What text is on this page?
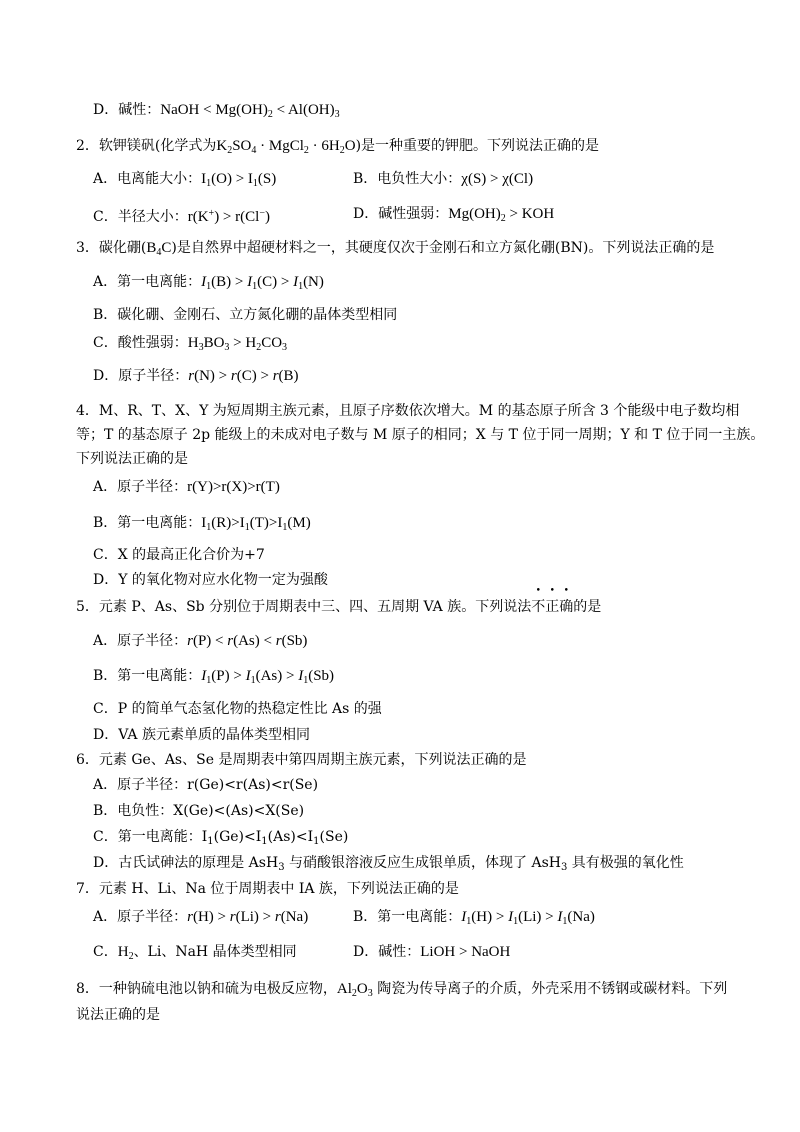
D．碱性：NaOH < $Mg(OH)_2 < Al(OH)_3$
2．软钾镁矾(化学式为$K_2SO_4$ · MgCl$_2$ · $6H_2O$)是一种重要的钾肥。下列说法正确的是
A．电离能大小：$I_1(O) > I_1(S)$	B．电负性大小：χ(S) > χ(Cl)
C．半径大小：r(K+) > r(Cl−)	D．碱性强弱：$Mg(OH)_2$ > KOH
3．碳化硼$(B_4C)$是自然界中超硬材料之一，其硬度仅次于金刚石和立方氮化硼(BN)。下列说法正确的是
A．第一电离能：$I_1(B) > I_1(C) > I_1(N)$
B．碳化硼、金刚石、立方氮化硼的晶体类型相同
C．酸性强弱：$H_3BO_3 > H_2CO_3$
D．原子半径：r(N) > r(C) > r(B)
4．M、R、T、X、Y 为短周期主族元素，且原子序数依次增大。M 的基态原子所含 3 个能级中电子数均相
等；T 的基态原子 2p 能级上的未成对电子数与 M 原子的相同；X 与 T 位于同一周期；Y 和 T 位于同一主族。
下列说法正确的是
A．原子半径：r(Y)>r(X)>r(T)
B．第一电离能：$I_1(R)>I_1(T)>I_1(M)$
C．X 的最高正化合价为+7
D．Y 的氧化物对应水化物一定为强酸
5．元素 P、As、Sb 分别位于周期表中三、四、五周期 VA 族。下列说法不正确的是
A．原子半径：r(P) < r(As) < r(Sb)
B．第一电离能：$I_1(P) > I_1(As) > I_1(Sb)$
C．P 的简单气态氢化物的热稳定性比 As 的强
D．VA 族元素单质的晶体类型相同
6．元素 Ge、As、Se 是周期表中第四周期主族元素，下列说法正确的是
A．原子半径：r(Ge)<r(As)<r(Se)
B．电负性：X(Ge)<(As)<X(Se)
C．第一电离能：$I_1(Ge)<I_1(As)<I_1(Se)$
D．古氏试砷法的原理是 AsH$_3$ 与硝酸银溶液反应生成银单质，体现了 AsH$_3$ 具有极强的氧化性
7．元素 H、Li、Na 位于周期表中 IA 族，下列说法正确的是
A．原子半径：r(H) > r(Li) > r(Na)	B．第一电离能：$I_1(H) > I_1(Li) > I_1(Na)$
C．$H_2$、Li、NaH 晶体类型相同	D．碱性：LiOH > NaOH
8．一种钠硫电池以钠和硫为电极反应物，$Al_2O_3$ 陶瓷为传导离子的介质，外壳采用不锈钢或碳材料。下列
说法正确的是
